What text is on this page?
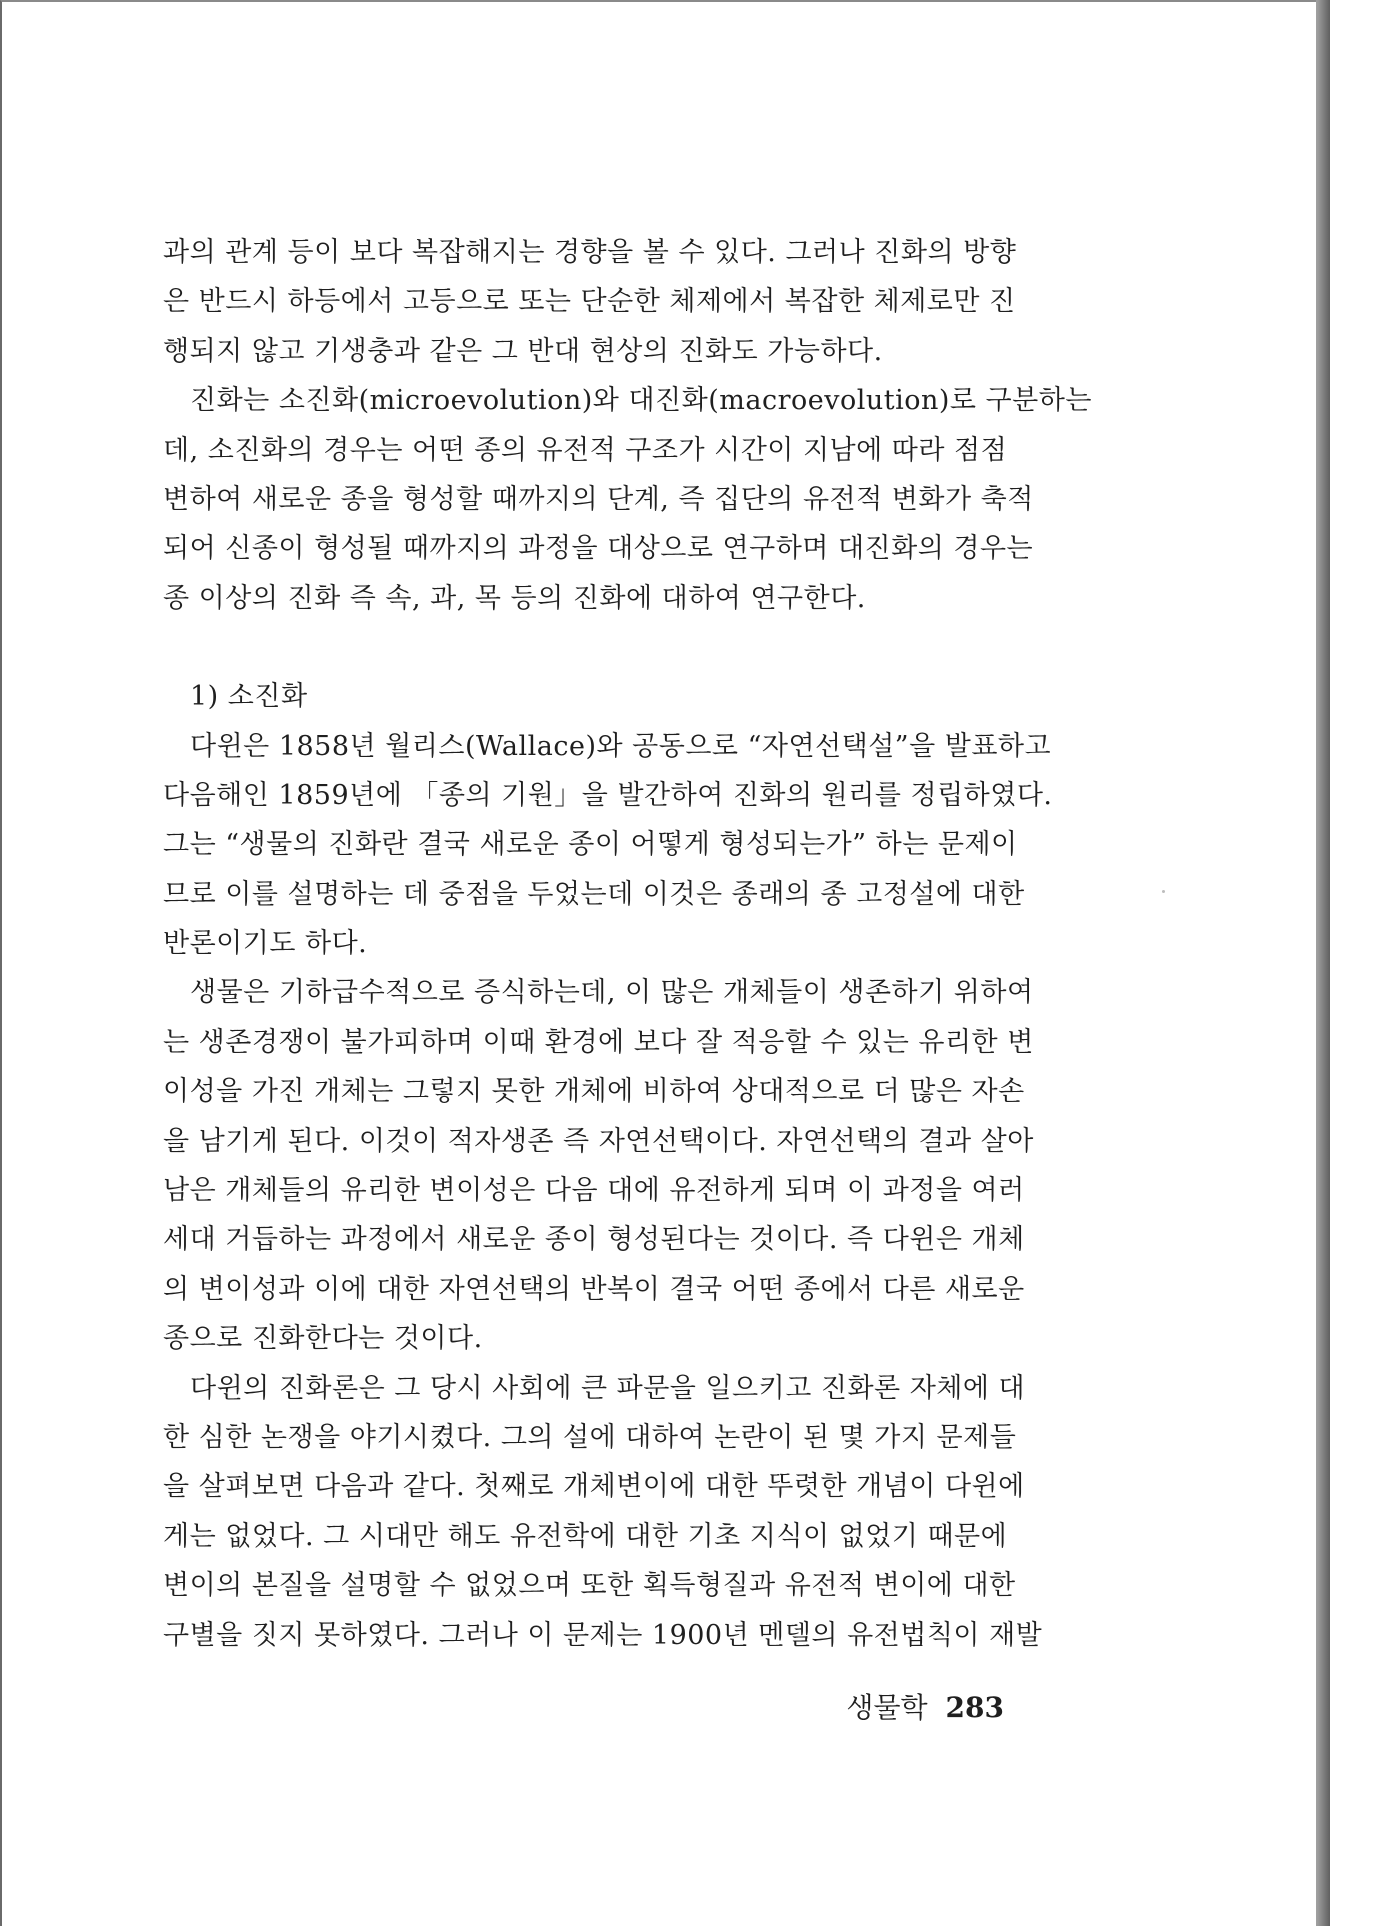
과의 관계 등이 보다 복잡해지는 경향을 볼 수 있다. 그러나 진화의 방향
은 반드시 하등에서 고등으로 또는 단순한 체제에서 복잡한 체제로만 진
행되지 않고 기생충과 같은 그 반대 현상의 진화도 가능하다.
진화는 소진화(microevolution)와 대진화(macroevolution)로 구분하는
데, 소진화의 경우는 어떤 종의 유전적 구조가 시간이 지남에 따라 점점
변하여 새로운 종을 형성할 때까지의 단계, 즉 집단의 유전적 변화가 축적
되어 신종이 형성될 때까지의 과정을 대상으로 연구하며 대진화의 경우는
종 이상의 진화 즉 속, 과, 목 등의 진화에 대하여 연구한다.
1) 소진화
다윈은 1858년 월리스(Wallace)와 공동으로 “자연선택설”을 발표하고
다음해인 1859년에 「종의 기원」을 발간하여 진화의 원리를 정립하였다.
그는 “생물의 진화란 결국 새로운 종이 어떻게 형성되는가” 하는 문제이
므로 이를 설명하는 데 중점을 두었는데 이것은 종래의 종 고정설에 대한
반론이기도 하다.
생물은 기하급수적으로 증식하는데, 이 많은 개체들이 생존하기 위하여
는 생존경쟁이 불가피하며 이때 환경에 보다 잘 적응할 수 있는 유리한 변
이성을 가진 개체는 그렇지 못한 개체에 비하여 상대적으로 더 많은 자손
을 남기게 된다. 이것이 적자생존 즉 자연선택이다. 자연선택의 결과 살아
남은 개체들의 유리한 변이성은 다음 대에 유전하게 되며 이 과정을 여러
세대 거듭하는 과정에서 새로운 종이 형성된다는 것이다. 즉 다윈은 개체
의 변이성과 이에 대한 자연선택의 반복이 결국 어떤 종에서 다른 새로운
종으로 진화한다는 것이다.
다윈의 진화론은 그 당시 사회에 큰 파문을 일으키고 진화론 자체에 대
한 심한 논쟁을 야기시켰다. 그의 설에 대하여 논란이 된 몇 가지 문제들
을 살펴보면 다음과 같다. 첫째로 개체변이에 대한 뚜렷한 개념이 다윈에
게는 없었다. 그 시대만 해도 유전학에 대한 기초 지식이 없었기 때문에
변이의 본질을 설명할 수 없었으며 또한 획득형질과 유전적 변이에 대한
구별을 짓지 못하였다. 그러나 이 문제는 1900년 멘델의 유전법칙이 재발
생물학 283
